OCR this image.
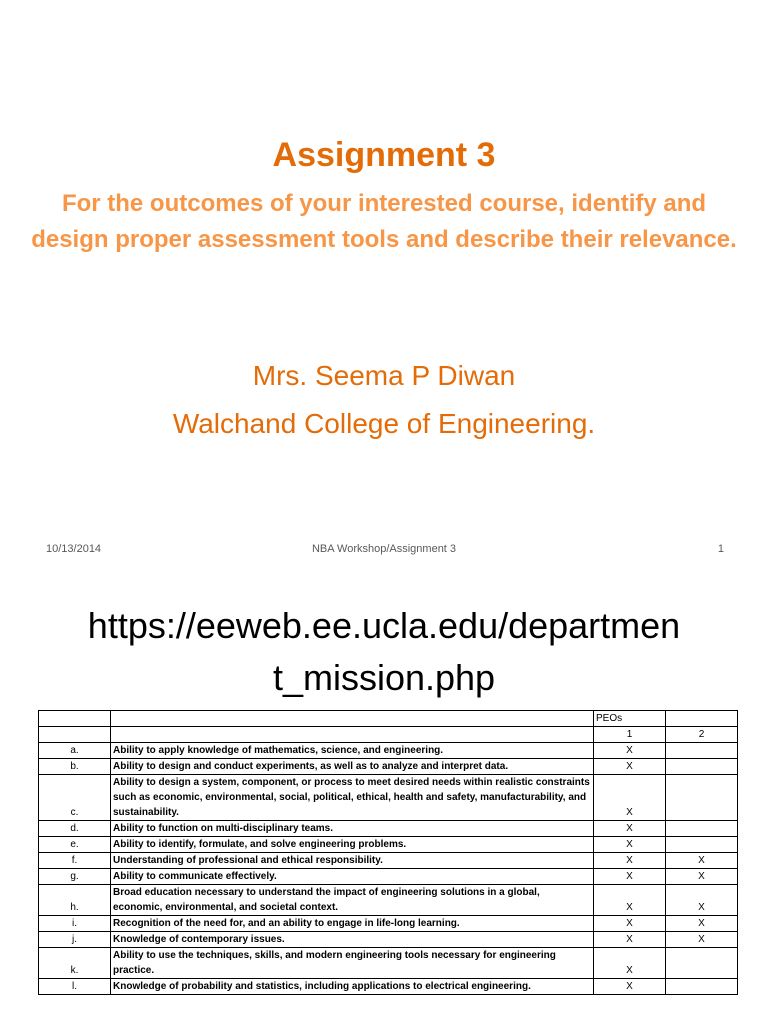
Assignment 3
For the outcomes of your interested course, identify and design proper assessment tools and describe their relevance.
Mrs. Seema P Diwan
Walchand College of Engineering.
10/13/2014	NBA Workshop/Assignment 3	1
https://eeweb.ee.ucla.edu/departmen
t_mission.php
		PEOs	
		1	2
a.	Ability to apply knowledge of mathematics, science, and engineering.	X	
b.	Ability to design and conduct experiments, as well as to analyze and interpret data.	X	
c.	Ability to design a system, component, or process to meet desired needs within realistic constraints such as economic, environmental, social, political, ethical, health and safety, manufacturability, and sustainability.	X	
d.	Ability to function on multi-disciplinary teams.	X	
e.	Ability to identify, formulate, and solve engineering problems.	X	
f.	Understanding of professional and ethical responsibility.	X	X
g.	Ability to communicate effectively.	X	X
h.	Broad education necessary to understand the impact of engineering solutions in a global, economic, environmental, and societal context.	X	X
i.	Recognition of the need for, and an ability to engage in life-long learning.	X	X
j.	Knowledge of contemporary issues.	X	X
k.	Ability to use the techniques, skills, and modern engineering tools necessary for engineering practice.	X	
l.	Knowledge of probability and statistics, including applications to electrical engineering.	X	
